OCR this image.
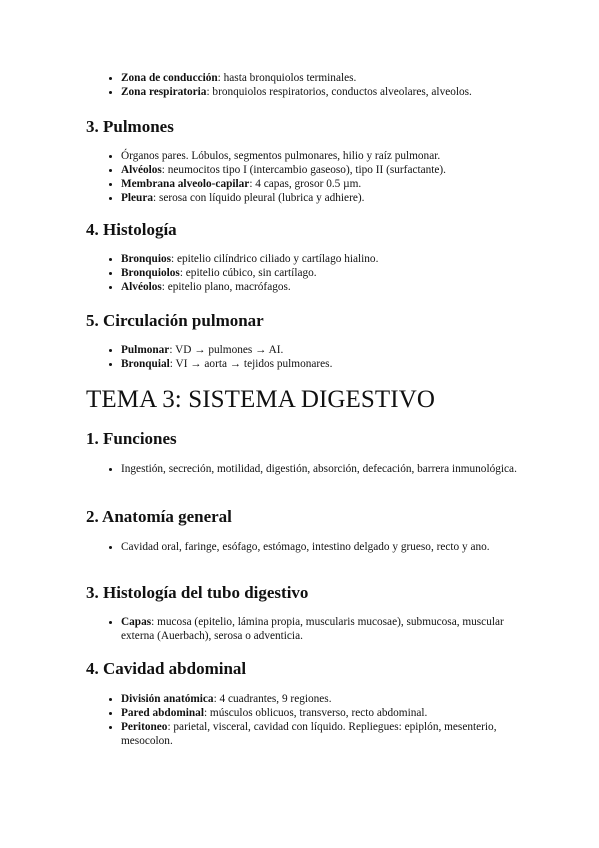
• Zona de conducción: hasta bronquiolos terminales.
• Zona respiratoria: bronquiolos respiratorios, conductos alveolares, alveolos.
3. Pulmones
• Órganos pares. Lóbulos, segmentos pulmonares, hilio y raíz pulmonar.
• Alvéolos: neumocitos tipo I (intercambio gaseoso), tipo II (surfactante).
• Membrana alveolo-capilar: 4 capas, grosor 0.5 µm.
• Pleura: serosa con líquido pleural (lubrica y adhiere).
4. Histología
• Bronquios: epitelio cilíndrico ciliado y cartílago hialino.
• Bronquiolos: epitelio cúbico, sin cartílago.
• Alvéolos: epitelio plano, macrófagos.
5. Circulación pulmonar
• Pulmonar: VD → pulmones → AI.
• Bronquial: VI → aorta → tejidos pulmonares.
TEMA 3: SISTEMA DIGESTIVO
1. Funciones
• Ingestión, secreción, motilidad, digestión, absorción, defecación, barrera inmunológica.
2. Anatomía general
• Cavidad oral, faringe, esófago, estómago, intestino delgado y grueso, recto y ano.
3. Histología del tubo digestivo
• Capas: mucosa (epitelio, lámina propia, muscularis mucosae), submucosa, muscular externa (Auerbach), serosa o adventicia.
4. Cavidad abdominal
• División anatómica: 4 cuadrantes, 9 regiones.
• Pared abdominal: músculos oblicuos, transverso, recto abdominal.
• Peritoneo: parietal, visceral, cavidad con líquido. Repliegues: epiplón, mesenterio, mesocolon.
